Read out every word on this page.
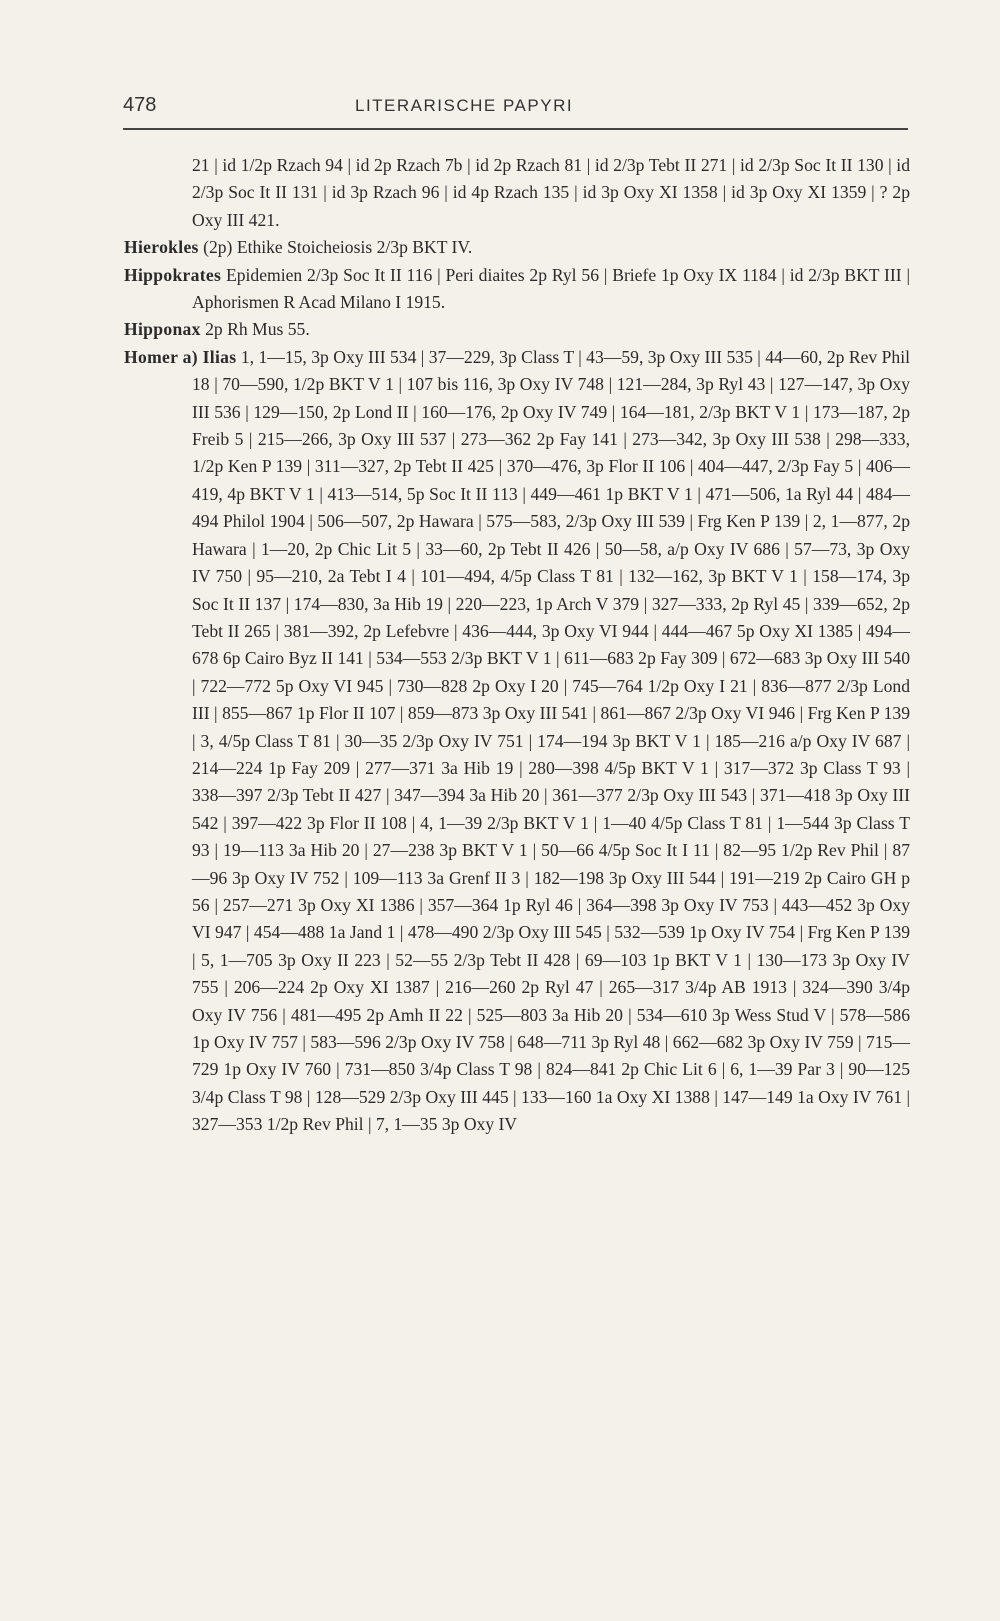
478	LITERARISCHE PAPYRI

21 | id 1/2p Rzach 94 | id 2p Rzach 7b | id 2p Rzach 81 | id 2/3p Tebt II 271 | id 2/3p Soc It II 130 | id 2/3p Soc It II 131 | id 3p Rzach 96 | id 4p Rzach 135 | id 3p Oxy XI 1358 | id 3p Oxy XI 1359 | ? 2p Oxy III 421.

Hierokles (2p) Ethike Stoicheiosis 2/3p BKT IV.

Hippokrates Epidemien 2/3p Soc It II 116 | Peri diaites 2p Ryl 56 | Briefe 1p Oxy IX 1184 | id 2/3p BKT III | Aphorismen R Acad Milano I 1915.

Hipponax 2p Rh Mus 55.

Homer a) Ilias 1, 1—15, 3p Oxy III 534 | 37—229, 3p Class T | 43—59, 3p Oxy III 535 | 44—60, 2p Rev Phil 18 | 70—590, 1/2p BKT V 1 | 107 bis 116, 3p Oxy IV 748 | 121—284, 3p Ryl 43 | 127—147, 3p Oxy III 536 | 129—150, 2p Lond II | 160—176, 2p Oxy IV 749 | 164—181, 2/3p BKT V 1 | 173—187, 2p Freib 5 | 215—266, 3p Oxy III 537 | 273—362 2p Fay 141 | 273—342, 3p Oxy III 538 | 298—333, 1/2p Ken P 139 | 311—327, 2p Tebt II 425 | 370—476, 3p Flor II 106 | 404—447, 2/3p Fay 5 | 406—419, 4p BKT V 1 | 413—514, 5p Soc It II 113 | 449—461 1p BKT V 1 | 471—506, 1a Ryl 44 | 484—494 Philol 1904 | 506—507, 2p Hawara | 575—583, 2/3p Oxy III 539 | Frg Ken P 139 | 2, 1—877, 2p Hawara | 1—20, 2p Chic Lit 5 | 33—60, 2p Tebt II 426 | 50—58, a/p Oxy IV 686 | 57—73, 3p Oxy IV 750 | 95—210, 2a Tebt I 4 | 101—494, 4/5p Class T 81 | 132—162, 3p BKT V 1 | 158—174, 3p Soc It II 137 | 174—830, 3a Hib 19 | 220—223, 1p Arch V 379 | 327—333, 2p Ryl 45 | 339—652, 2p Tebt II 265 | 381—392, 2p Lefebvre | 436—444, 3p Oxy VI 944 | 444—467 5p Oxy XI 1385 | 494—678 6p Cairo Byz II 141 | 534—553 2/3p BKT V 1 | 611—683 2p Fay 309 | 672—683 3p Oxy III 540 | 722—772 5p Oxy VI 945 | 730—828 2p Oxy I 20 | 745—764 1/2p Oxy I 21 | 836—877 2/3p Lond III | 855—867 1p Flor II 107 | 859—873 3p Oxy III 541 | 861—867 2/3p Oxy VI 946 | Frg Ken P 139 | 3, 4/5p Class T 81 | 30—35 2/3p Oxy IV 751 | 174—194 3p BKT V 1 | 185—216 a/p Oxy IV 687 | 214—224 1p Fay 209 | 277—371 3a Hib 19 | 280—398 4/5p BKT V 1 | 317—372 3p Class T 93 | 338—397 2/3p Tebt II 427 | 347—394 3a Hib 20 | 361—377 2/3p Oxy III 543 | 371—418 3p Oxy III 542 | 397—422 3p Flor II 108 | 4, 1—39 2/3p BKT V 1 | 1—40 4/5p Class T 81 | 1—544 3p Class T 93 | 19—113 3a Hib 20 | 27—238 3p BKT V 1 | 50—66 4/5p Soc It I 11 | 82—95 1/2p Rev Phil | 87—96 3p Oxy IV 752 | 109—113 3a Grenf II 3 | 182—198 3p Oxy III 544 | 191—219 2p Cairo GH p 56 | 257—271 3p Oxy XI 1386 | 357—364 1p Ryl 46 | 364—398 3p Oxy IV 753 | 443—452 3p Oxy VI 947 | 454—488 1a Jand 1 | 478—490 2/3p Oxy III 545 | 532—539 1p Oxy IV 754 | Frg Ken P 139 | 5, 1—705 3p Oxy II 223 | 52—55 2/3p Tebt II 428 | 69—103 1p BKT V 1 | 130—173 3p Oxy IV 755 | 206—224 2p Oxy XI 1387 | 216—260 2p Ryl 47 | 265—317 3/4p AB 1913 | 324—390 3/4p Oxy IV 756 | 481—495 2p Amh II 22 | 525—803 3a Hib 20 | 534—610 3p Wess Stud V | 578—586 1p Oxy IV 757 | 583—596 2/3p Oxy IV 758 | 648—711 3p Ryl 48 | 662—682 3p Oxy IV 759 | 715—729 1p Oxy IV 760 | 731—850 3/4p Class T 98 | 824—841 2p Chic Lit 6 | 6, 1—39 Par 3 | 90—125 3/4p Class T 98 | 128—529 2/3p Oxy III 445 | 133—160 1a Oxy XI 1388 | 147—149 1a Oxy IV 761 | 327—353 1/2p Rev Phil | 7, 1—35 3p Oxy IV
